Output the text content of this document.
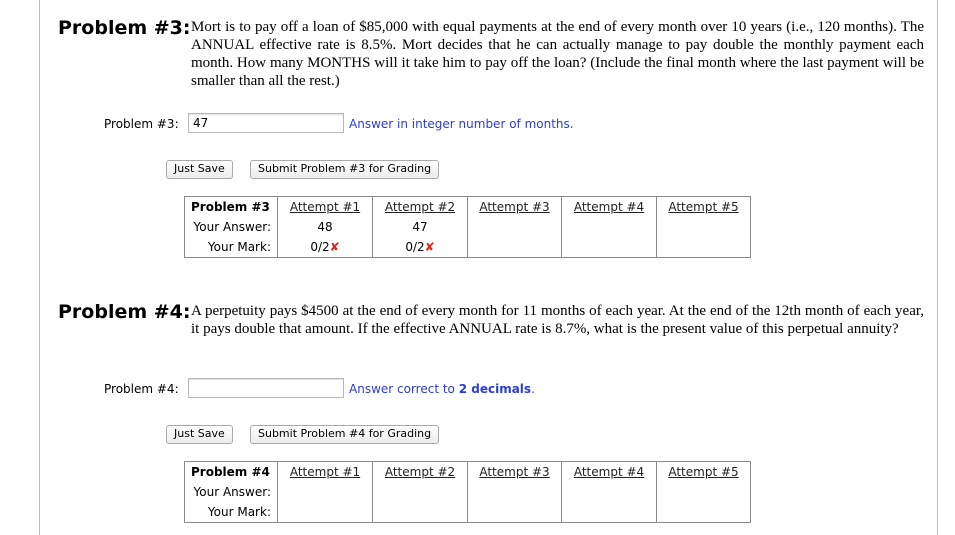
Problem #3: Mort is to pay off a loan of $85,000 with equal payments at the end of every month over 10 years (i.e., 120 months). The ANNUAL effective rate is 8.5%. Mort decides that he can actually manage to pay double the monthly payment each month. How many MONTHS will it take him to pay off the loan? (Include the final month where the last payment will be smaller than all the rest.)
Problem #3:
47	Answer in integer number of months.
Just Save	Submit Problem #3 for Grading
Problem #3	Attempt #1	Attempt #2	Attempt #3	Attempt #4	Attempt #5
Your Answer:	48	47			
Your Mark:	0/2✘	0/2✘			
Problem #4: A perpetuity pays $4500 at the end of every month for 11 months of each year. At the end of the 12th month of each year, it pays double that amount. If the effective ANNUAL rate is 8.7%, what is the present value of this perpetual annuity?
Problem #4:	Answer correct to 2 decimals.
Just Save	Submit Problem #4 for Grading
Problem #4	Attempt #1	Attempt #2	Attempt #3	Attempt #4	Attempt #5
Your Answer:					
Your Mark:					
